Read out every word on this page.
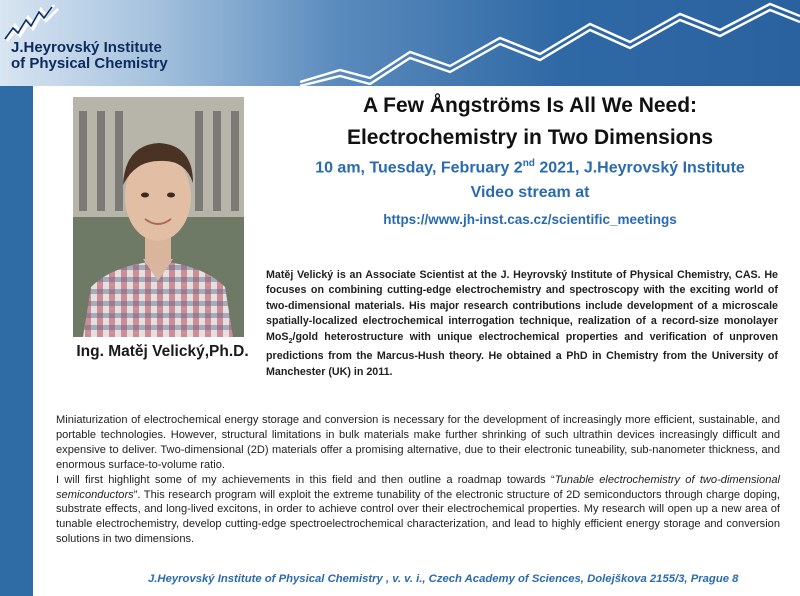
J.Heyrovský Institute
of Physical Chemistry
Ing. Matěj Velický,Ph.D.
A Few Ångströms Is All We Need:
Electrochemistry in Two Dimensions
10 am, Tuesday, February 2nd 2021, J.Heyrovský Institute
Video stream at
https://www.jh-inst.cas.cz/scientific_meetings
Matěj Velický is an Associate Scientist at the J. Heyrovský Institute of Physical Chemistry, CAS. He focuses on combining cutting-edge electrochemistry and spectroscopy with the exciting world of two-dimensional materials. His major research contributions include development of a microscale spatially-localized electrochemical interrogation technique, realization of a record-size monolayer MoS$_2$/gold heterostructure with unique electrochemical properties and verification of unproven predictions from the Marcus-Hush theory. He obtained a PhD in Chemistry from the University of Manchester (UK) in 2011.

Miniaturization of electrochemical energy storage and conversion is necessary for the development of increasingly more efficient, sustainable, and portable technologies. However, structural limitations in bulk materials make further shrinking of such ultrathin devices increasingly difficult and expensive to deliver. Two-dimensional (2D) materials offer a promising alternative, due to their electronic tuneability, sub-nanometer thickness, and enormous surface-to-volume ratio.

I will first highlight some of my achievements in this field and then outline a roadmap towards “Tunable electrochemistry of two-dimensional semiconductors”. This research program will exploit the extreme tunability of the electronic structure of 2D semiconductors through charge doping, substrate effects, and long-lived excitons, in order to achieve control over their electrochemical properties. My research will open up a new area of tunable electrochemistry, develop cutting-edge spectroelectrochemical characterization, and lead to highly efficient energy storage and conversion solutions in two dimensions.

J.Heyrovský Institute of Physical Chemistry , v. v. i., Czech Academy of Sciences, Dolejškova 2155/3, Prague 8
